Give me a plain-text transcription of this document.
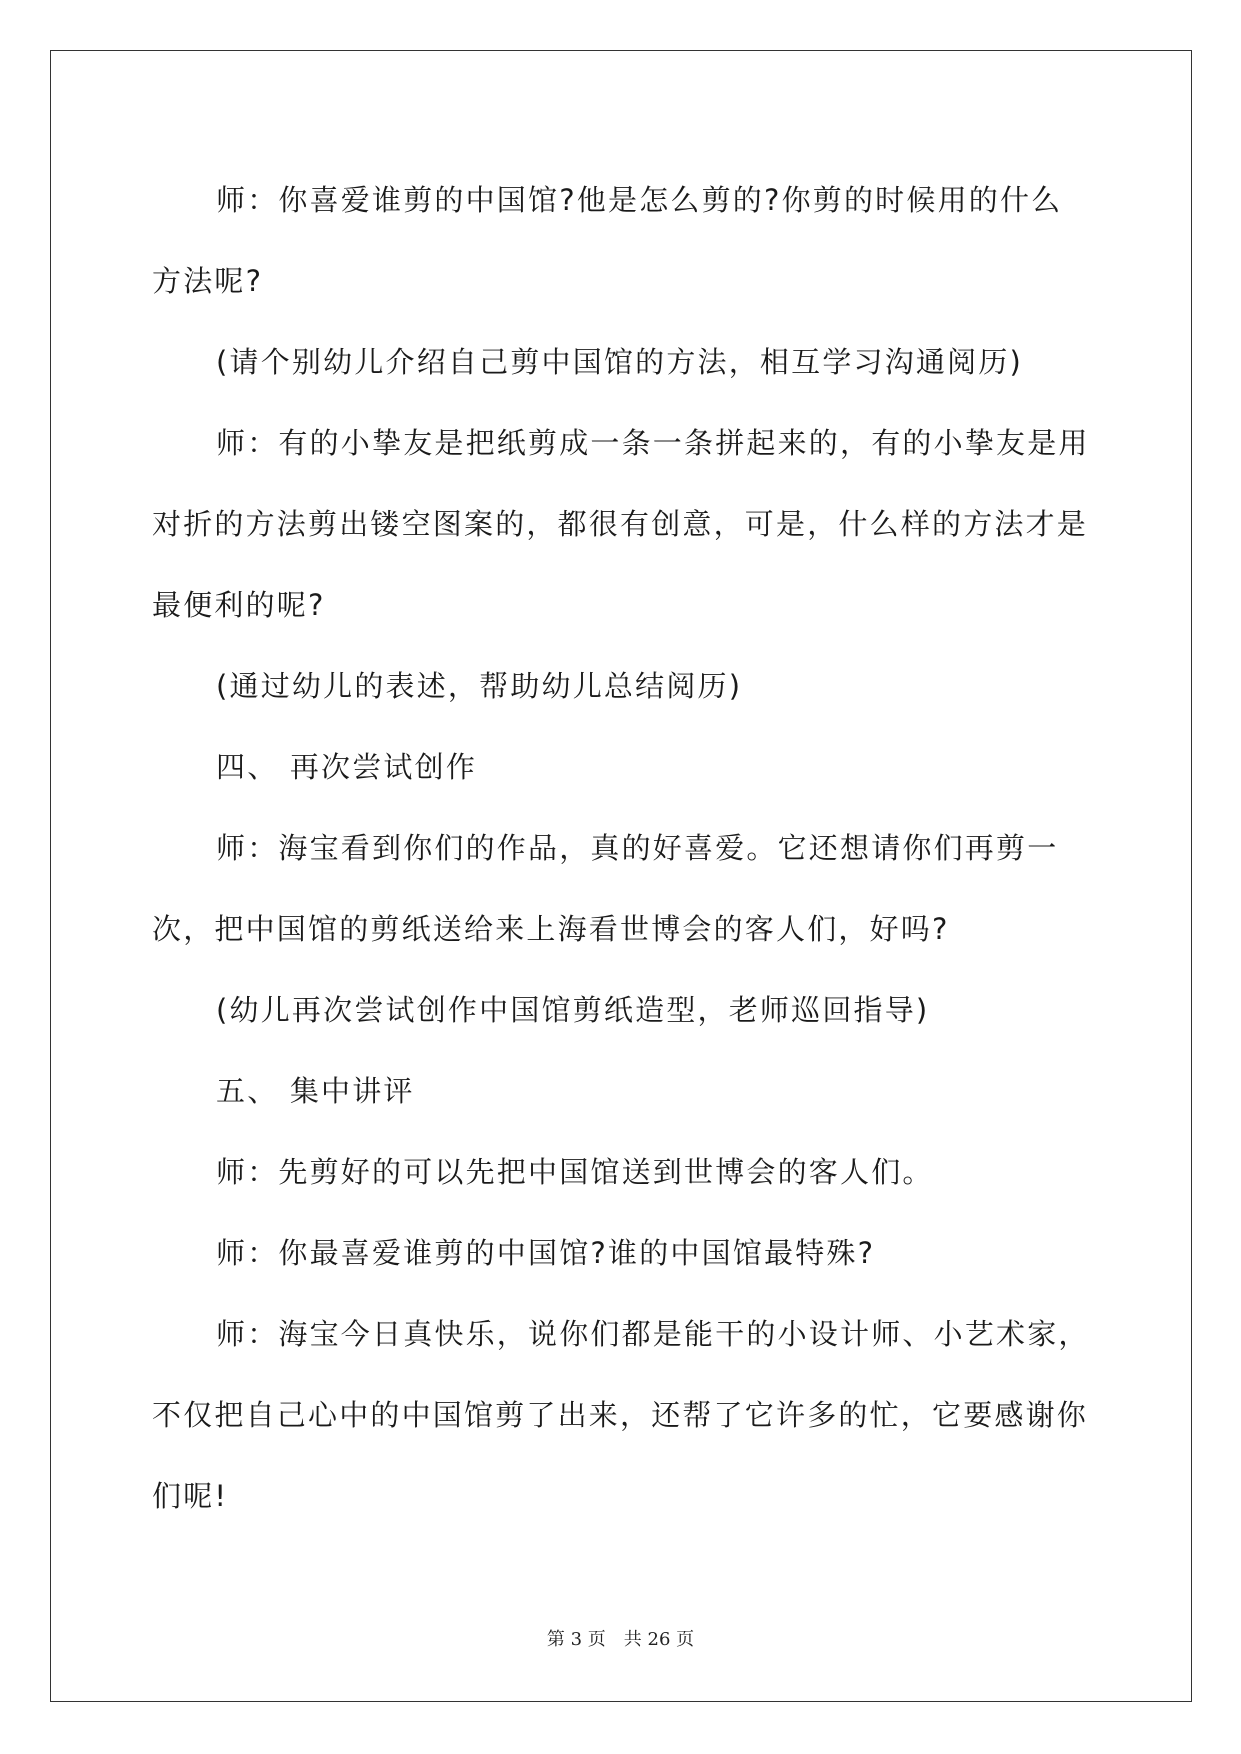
师：你喜爱谁剪的中国馆?他是怎么剪的?你剪的时候用的什么方法呢?

(请个别幼儿介绍自己剪中国馆的方法，相互学习沟通阅历)

师：有的小挚友是把纸剪成一条一条拼起来的，有的小挚友是用对折的方法剪出镂空图案的，都很有创意，可是，什么样的方法才是最便利的呢?

(通过幼儿的表述，帮助幼儿总结阅历)

四、 再次尝试创作

师：海宝看到你们的作品，真的好喜爱。它还想请你们再剪一次，把中国馆的剪纸送给来上海看世博会的客人们，好吗?

(幼儿再次尝试创作中国馆剪纸造型，老师巡回指导)

五、 集中讲评

师：先剪好的可以先把中国馆送到世博会的客人们。

师：你最喜爱谁剪的中国馆?谁的中国馆最特殊?

师：海宝今日真快乐，说你们都是能干的小设计师、小艺术家，不仅把自己心中的中国馆剪了出来，还帮了它许多的忙，它要感谢你们呢!

第 3 页　共 26 页
